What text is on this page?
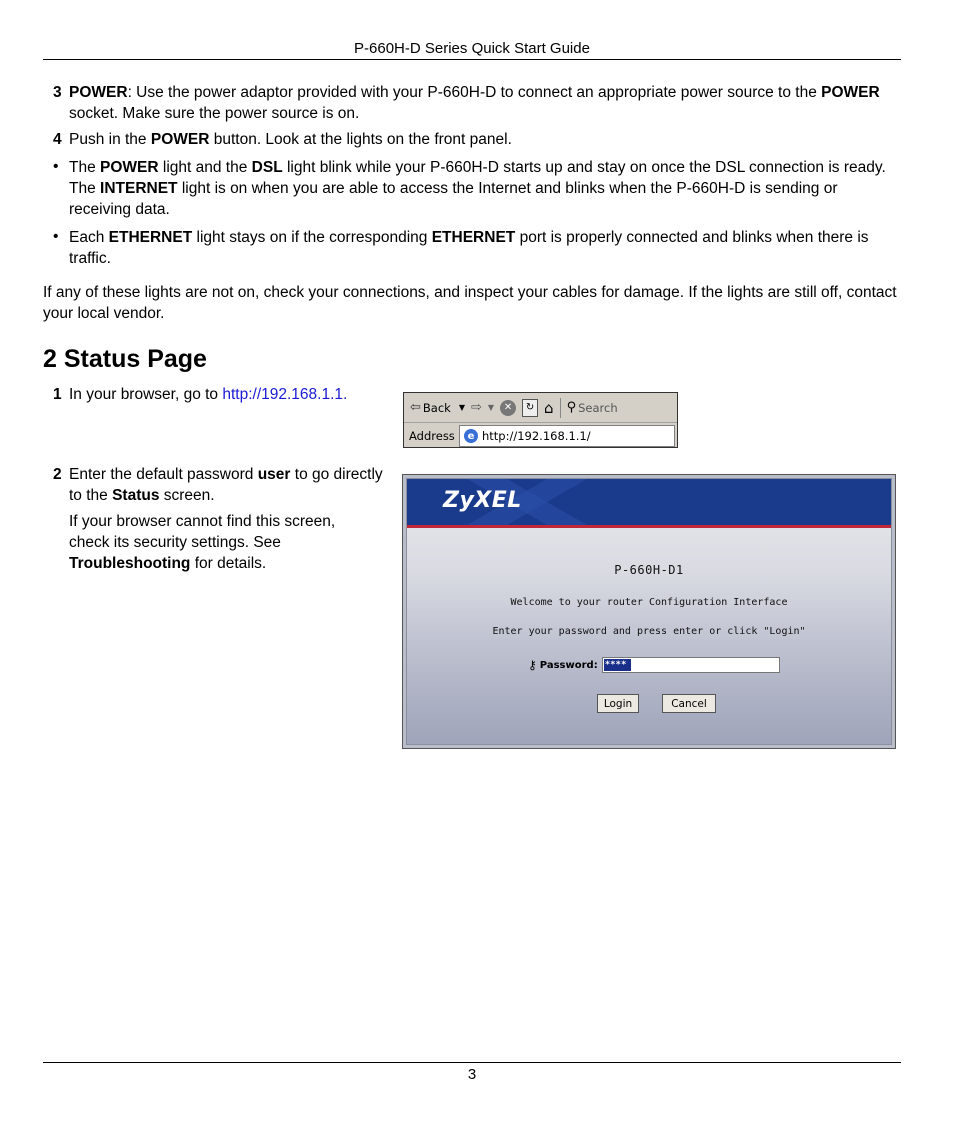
P-660H-D Series Quick Start Guide
3 POWER: Use the power adaptor provided with your P-660H-D to connect an appropriate power source to the POWER socket. Make sure the power source is on.
4 Push in the POWER button. Look at the lights on the front panel.
• The POWER light and the DSL light blink while your P-660H-D starts up and stay on once the DSL connection is ready. The INTERNET light is on when you are able to access the Internet and blinks when the P-660H-D is sending or receiving data.
• Each ETHERNET light stays on if the corresponding ETHERNET port is properly connected and blinks when there is traffic.
If any of these lights are not on, check your connections, and inspect your cables for damage. If the lights are still off, contact your local vendor.
2 Status Page
1 In your browser, go to http://192.168.1.1.
2 Enter the default password user to go directly to the Status screen.
If your browser cannot find this screen, check its security settings. See Troubleshooting for details.
⇦ Back ▼ ⇨ ▼ ✕	↻ ⌂ ⚲ Search
Address	e http://192.168.1.1/
ZyXEL
P-660H-D1
Welcome to your router Configuration Interface
Enter your password and press enter or click "Login"
⚷ Password: ****
Login	Cancel
3
